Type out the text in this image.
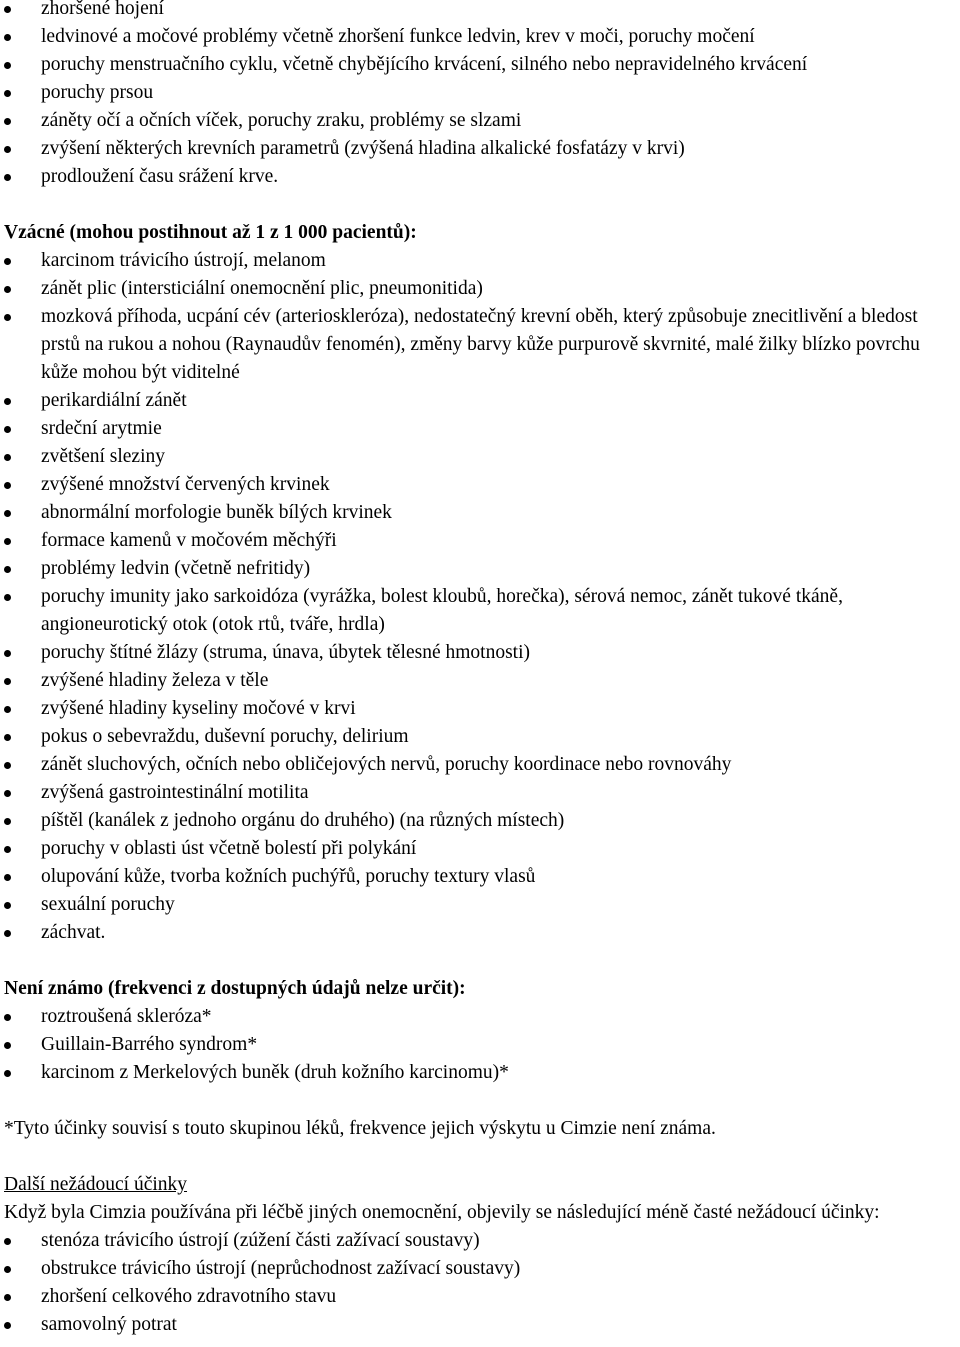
zhoršené hojení
ledvinové a močové problémy včetně zhoršení funkce ledvin, krev v moči, poruchy močení
poruchy menstruačního cyklu, včetně chybějícího krvácení, silného nebo nepravidelného krvácení
poruchy prsou
záněty očí a očních víček, poruchy zraku, problémy se slzami
zvýšení některých krevních parametrů (zvýšená hladina alkalické fosfatázy v krvi)
prodloužení času srážení krve.

Vzácné (mohou postihnout až 1 z 1 000 pacientů):

karcinom trávicího ústrojí, melanom
zánět plic (intersticiální onemocnění plic, pneumonitida)
mozková příhoda, ucpání cév (arterioskleróza), nedostatečný krevní oběh, který způsobuje znecitlivění a bledost prstů na rukou a nohou (Raynaudův fenomén), změny barvy kůže purpurově skvrnité, malé žilky blízko povrchu kůže mohou být viditelné
perikardiální zánět
srdeční arytmie
zvětšení sleziny
zvýšené množství červených krvinek
abnormální morfologie buněk bílých krvinek
formace kamenů v močovém měchýři
problémy ledvin (včetně nefritidy)
poruchy imunity jako sarkoidóza (vyrážka, bolest kloubů, horečka), sérová nemoc, zánět tukové tkáně, angioneurotický otok (otok rtů, tváře, hrdla)
poruchy štítné žlázy (struma, únava, úbytek tělesné hmotnosti)
zvýšené hladiny železa v těle
zvýšené hladiny kyseliny močové v krvi
pokus o sebevraždu, duševní poruchy, delirium
zánět sluchových, očních nebo obličejových nervů, poruchy koordinace nebo rovnováhy
zvýšená gastrointestinální motilita
píštěl (kanálek z jednoho orgánu do druhého) (na různých místech)
poruchy v oblasti úst včetně bolestí při polykání
olupování kůže, tvorba kožních puchýřů, poruchy textury vlasů
sexuální poruchy
záchvat.

Není známo (frekvenci z dostupných údajů nelze určit):

roztroušená skleróza*
Guillain-Barrého syndrom*
karcinom z Merkelových buněk (druh kožního karcinomu)*

*Tyto účinky souvisí s touto skupinou léků, frekvence jejich výskytu u Cimzie není známa.

Další nežádoucí účinky

Když byla Cimzia používána při léčbě jiných onemocnění, objevily se následující méně časté nežádoucí účinky:

stenóza trávicího ústrojí (zúžení části zažívací soustavy)
obstrukce trávicího ústrojí (neprůchodnost zažívací soustavy)
zhoršení celkového zdravotního stavu
samovolný potrat
